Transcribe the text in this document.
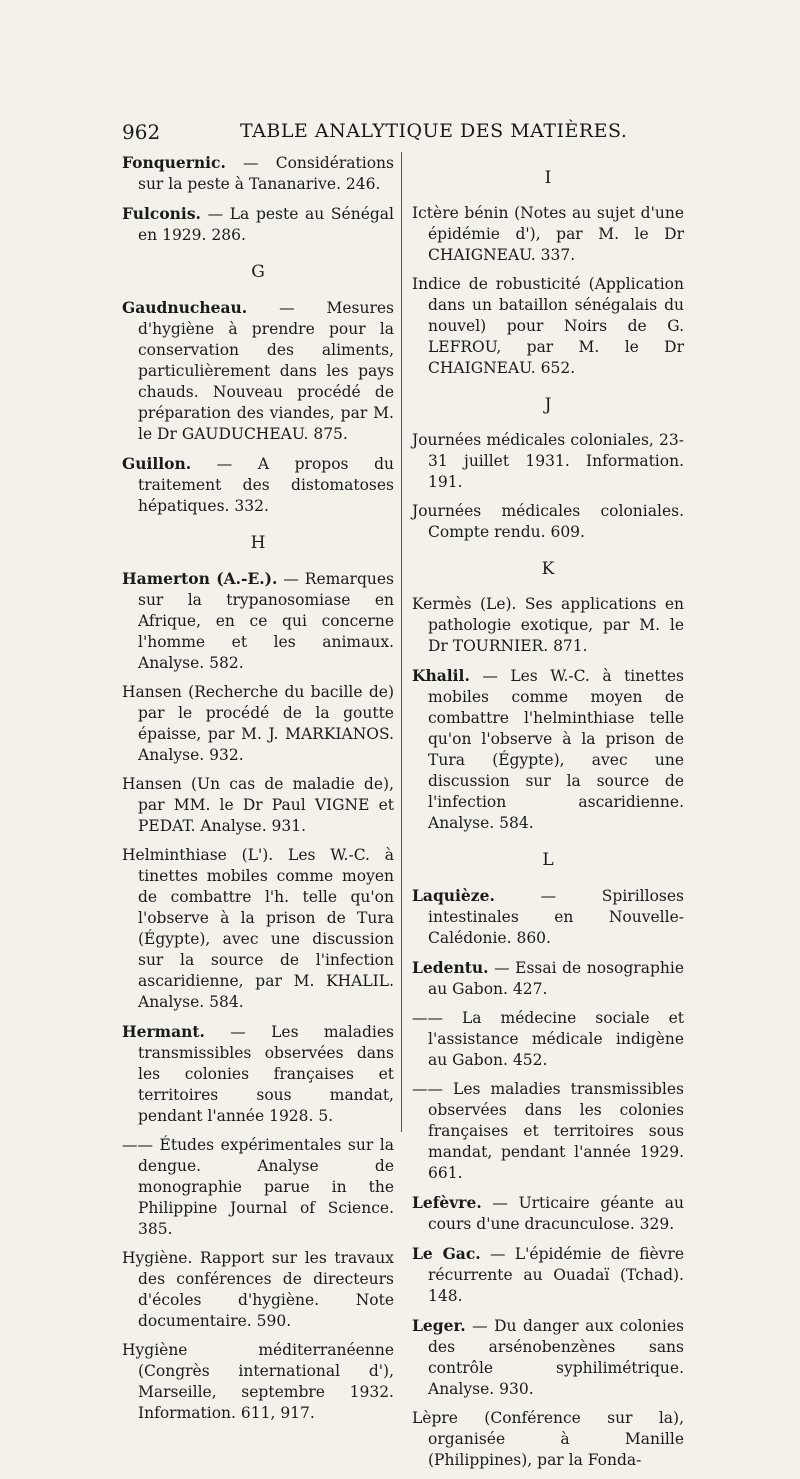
962	TABLE ANALYTIQUE DES MATIÈRES.
Fonquernic. — Considérations sur la peste à Tananarive. 246.
Fulconis. — La peste au Sénégal en 1929. 286.
G
Gaudnucheau. — Mesures d'hygiène à prendre pour la conservation des aliments, particulièrement dans les pays chauds. Nouveau procédé de préparation des viandes, par M. le Dr GAUDUCHEAU. 875.
Guillon. — A propos du traitement des distomatoses hépatiques. 332.
H
Hamerton (A.-E.). — Remarques sur la trypanosomiase en Afrique, en ce qui concerne l'homme et les animaux. Analyse. 582.
Hansen (Recherche du bacille de) par le procédé de la goutte épaisse, par M. J. MARKIANOS. Analyse. 932.
Hansen (Un cas de maladie de), par MM. le Dr Paul VIGNE et PEDAT. Analyse. 931.
Helminthiase (L'). Les W.-C. à tinettes mobiles comme moyen de combattre l'h. telle qu'on l'observe à la prison de Tura (Égypte), avec une discussion sur la source de l'infection ascaridienne, par M. KHALIL. Analyse. 584.
Hermant. — Les maladies transmissibles observées dans les colonies françaises et territoires sous mandat, pendant l'année 1928. 5.
—— Études expérimentales sur la dengue. Analyse de monographie parue in the Philippine Journal of Science. 385.
Hygiène. Rapport sur les travaux des conférences de directeurs d'écoles d'hygiène. Note documentaire. 590.
Hygiène méditerranéenne (Congrès international d'), Marseille, septembre 1932. Information. 611, 917.
I
Ictère bénin (Notes au sujet d'une épidémie d'), par M. le Dr CHAIGNEAU. 337.
Indice de robusticité (Application dans un bataillon sénégalais du nouvel) pour Noirs de G. LEFROU, par M. le Dr CHAIGNEAU. 652.
J
Journées médicales coloniales, 23-31 juillet 1931. Information. 191.
Journées médicales coloniales. Compte rendu. 609.
K
Kermès (Le). Ses applications en pathologie exotique, par M. le Dr TOURNIER. 871.
Khalil. — Les W.-C. à tinettes mobiles comme moyen de combattre l'helminthiase telle qu'on l'observe à la prison de Tura (Égypte), avec une discussion sur la source de l'infection ascaridienne. Analyse. 584.
L
Laquièze. — Spirilloses intestinales en Nouvelle-Calédonie. 860.
Ledentu. — Essai de nosographie au Gabon. 427.
—— La médecine sociale et l'assistance médicale indigène au Gabon. 452.
—— Les maladies transmissibles observées dans les colonies françaises et territoires sous mandat, pendant l'année 1929. 661.
Lefèvre. — Urticaire géante au cours d'une dracunculose. 329.
Le Gac. — L'épidémie de fièvre récurrente au Ouadaï (Tchad). 148.
Leger. — Du danger aux colonies des arsénobenzènes sans contrôle syphilimétrique. Analyse. 930.
Lèpre (Conférence sur la), organisée à Manille (Philippines), par la Fonda-
